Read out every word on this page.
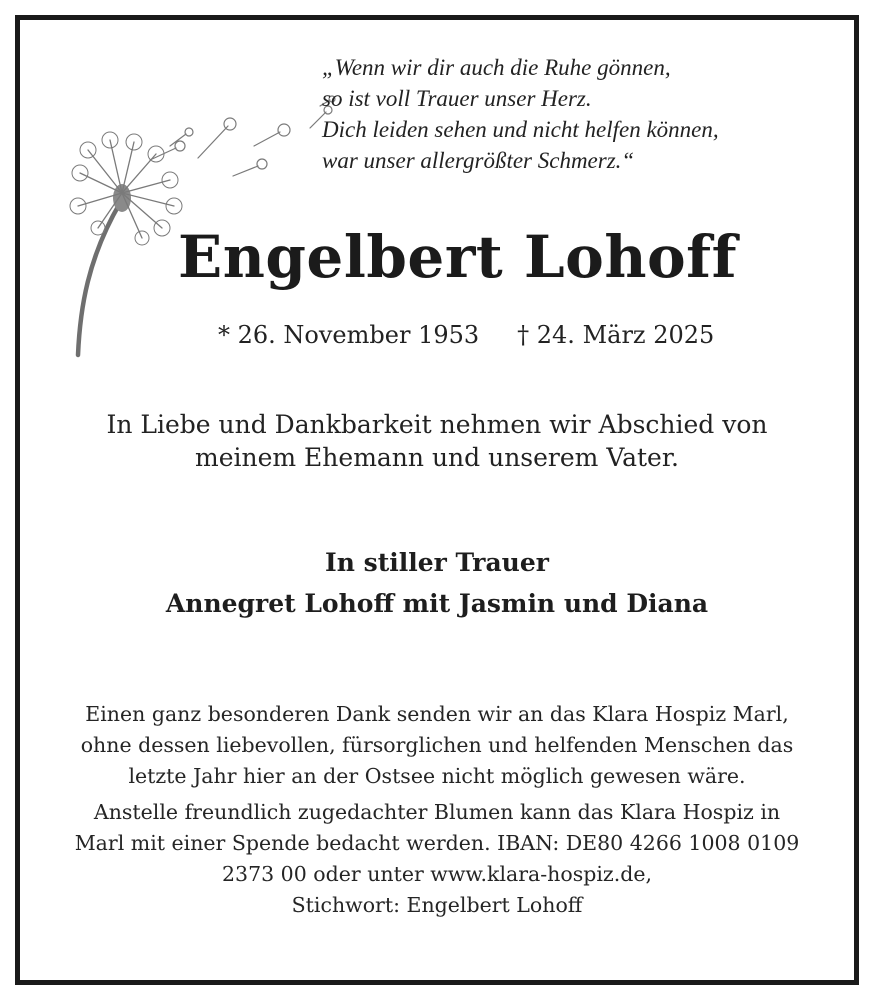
„Wenn wir dir auch die Ruhe gönnen,
so ist voll Trauer unser Herz.
Dich leiden sehen und nicht helfen können,
war unser allergrößter Schmerz.“
Engelbert Lohoff
* 26. November 1953 † 24. März 2025
In Liebe und Dankbarkeit nehmen wir Abschied von
meinem Ehemann und unserem Vater.
In stiller Trauer
Annegret Lohoff mit Jasmin und Diana
Einen ganz besonderen Dank senden wir an das Klara Hospiz Marl,
ohne dessen liebevollen, fürsorglichen und helfenden Menschen das
letzte Jahr hier an der Ostsee nicht möglich gewesen wäre.
Anstelle freundlich zugedachter Blumen kann das Klara Hospiz in
Marl mit einer Spende bedacht werden. IBAN: DE80 4266 1008 0109
2373 00 oder unter www.klara-hospiz.de,
Stichwort: Engelbert Lohoff
